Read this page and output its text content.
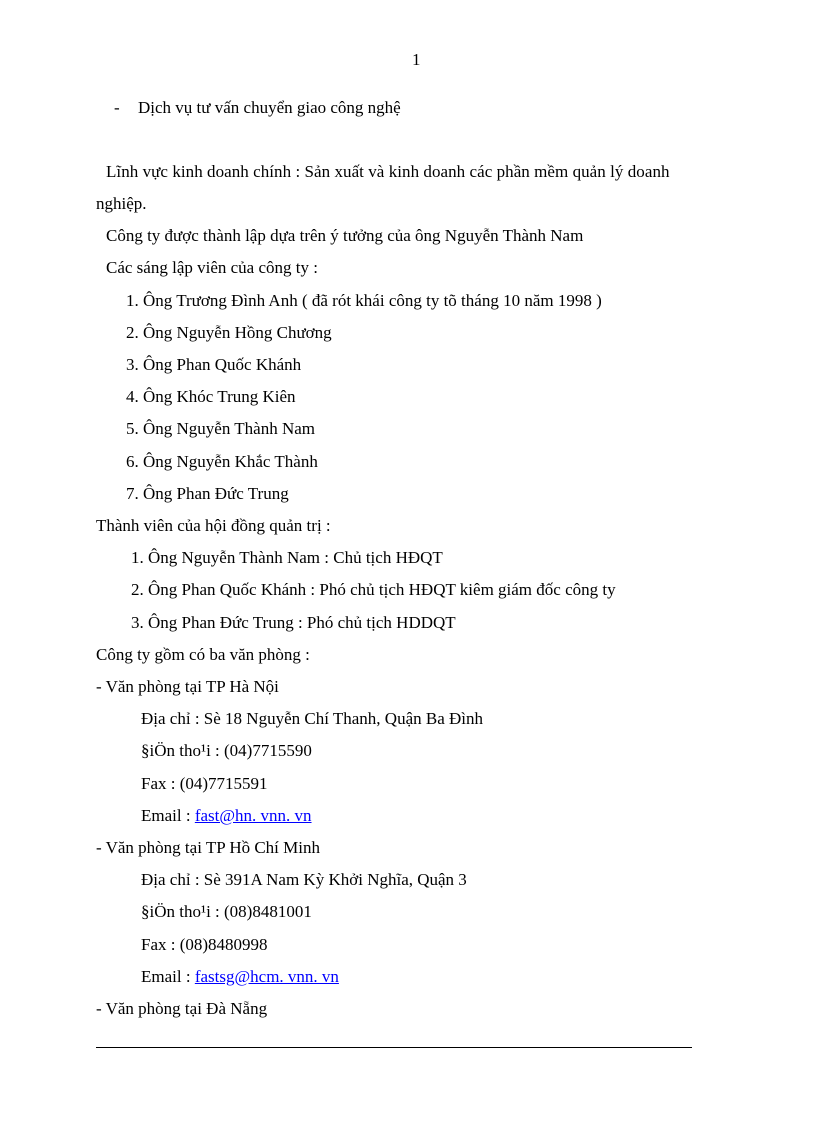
1
- Dịch vụ tư vấn chuyển giao công nghệ
Lĩnh vực kinh doanh chính : Sản xuất và kinh doanh các phần mềm quản lý doanh
nghiệp.
Công ty được thành lập dựa trên ý tưởng của ông Nguyễn Thành Nam
Các sáng lập viên của công ty :
1. Ông Trương Đình Anh ( đã rót khái công ty tõ tháng 10 năm 1998 )
2. Ông Nguyễn Hồng Chương
3. Ông Phan Quốc Khánh
4. Ông Khóc Trung Kiên
5. Ông Nguyễn Thành Nam
6. Ông Nguyễn Khắc Thành
7. Ông Phan Đức Trung
Thành viên của hội đồng quản trị :
1. Ông Nguyễn Thành Nam : Chủ tịch HĐQT
2. Ông Phan Quốc Khánh : Phó chủ tịch HĐQT kiêm giám đốc công ty
3. Ông Phan Đức Trung : Phó chủ tịch HDDQT
Công ty gồm có ba văn phòng :
- Văn phòng tại TP Hà Nội
Địa chỉ : Sè 18 Nguyễn Chí Thanh, Quận Ba Đình
§iÖn tho¹i : (04)7715590
Fax : (04)7715591
Email : fast@hn. vnn. vn
- Văn phòng tại TP Hồ Chí Minh
Địa chỉ : Sè 391A Nam Kỳ Khởi Nghĩa, Quận 3
§iÖn tho¹i : (08)8481001
Fax : (08)8480998
Email : fastsg@hcm. vnn. vn
- Văn phòng tại Đà Nẵng
